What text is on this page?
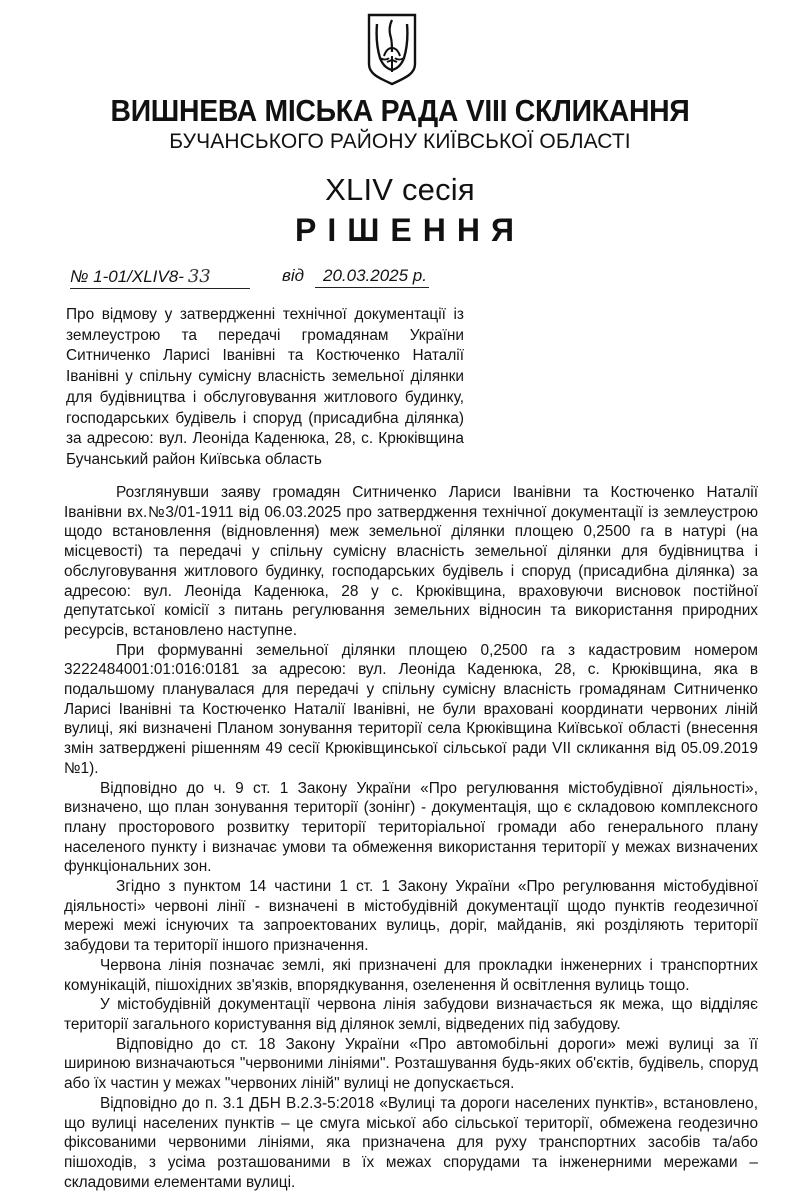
ВИШНЕВА МІСЬКА РАДА VIII СКЛИКАННЯ
БУЧАНСЬКОГО РАЙОНУ КИЇВСЬКОЇ ОБЛАСТІ
XLIV сесія
РІШЕННЯ
№ 1-01/XLIV8- 33	від	20.03.2025 р.
Про відмову у затвердженні технічної документації із землеустрою та передачі громадянам України Ситниченко Ларисі Іванівні та Костюченко Наталії Іванівні у спільну сумісну власність земельної ділянки для будівництва і обслуговування житлового будинку, господарських будівель і споруд (присадибна ділянка) за адресою: вул. Леоніда Каденюка, 28, с. Крюківщина Бучанський район Київська область

Розглянувши заяву громадян Ситниченко Лариси Іванівни та Костюченко Наталії Іванівни вх.№3/01-1911 від 06.03.2025 про затвердження технічної документації із землеустрою щодо встановлення (відновлення) меж земельної ділянки площею 0,2500 га в натурі (на місцевості) та передачі у спільну сумісну власність земельної ділянки для будівництва і обслуговування житлового будинку, господарських будівель і споруд (присадибна ділянка) за адресою: вул. Леоніда Каденюка, 28 у с. Крюківщина, враховуючи висновок постійної депутатської комісії з питань регулювання земельних відносин та використання природних ресурсів, встановлено наступне.

При формуванні земельної ділянки площею 0,2500 га з кадастровим номером 3222484001:01:016:0181 за адресою: вул. Леоніда Каденюка, 28, с. Крюківщина, яка в подальшому планувалася для передачі у спільну сумісну власність громадянам Ситниченко Ларисі Іванівні та Костюченко Наталії Іванівні, не були враховані координати червоних ліній вулиці, які визначені Планом зонування території села Крюківщина Київської області (внесення змін затверджені рішенням 49 сесії Крюківщинської сільської ради VII скликання від 05.09.2019 №1).

Відповідно до ч. 9 ст. 1 Закону України «Про регулювання містобудівної діяльності», визначено, що план зонування території (зонінг) - документація, що є складовою комплексного плану просторового розвитку території територіальної громади або генерального плану населеного пункту і визначає умови та обмеження використання території у межах визначених функціональних зон.

Згідно з пунктом 14 частини 1 ст. 1 Закону України «Про регулювання містобудівної діяльності» червоні лінії - визначені в містобудівній документації щодо пунктів геодезичної мережі межі існуючих та запроектованих вулиць, доріг, майданів, які розділяють території забудови та території іншого призначення.

Червона лінія позначає землі, які призначені для прокладки інженерних і транспортних комунікацій, пішохідних зв'язків, впорядкування, озеленення й освітлення вулиць тощо.

У містобудівній документації червона лінія забудови визначається як межа, що відділяє території загального користування від ділянок землі, відведених під забудову.

Відповідно до ст. 18 Закону України «Про автомобільні дороги» межі вулиці за її шириною визначаються "червоними лініями". Розташування будь-яких об'єктів, будівель, споруд або їх частин у межах "червоних ліній" вулиці не допускається.

Відповідно до п. 3.1 ДБН В.2.3-5:2018 «Вулиці та дороги населених пунктів», встановлено, що вулиці населених пунктів – це смуга міської або сільської території, обмежена геодезично фіксованими червоними лініями, яка призначена для руху транспортних засобів та/або пішоходів, з усіма розташованими в їх межах спорудами та інженерними мережами – складовими елементами вулиці.
